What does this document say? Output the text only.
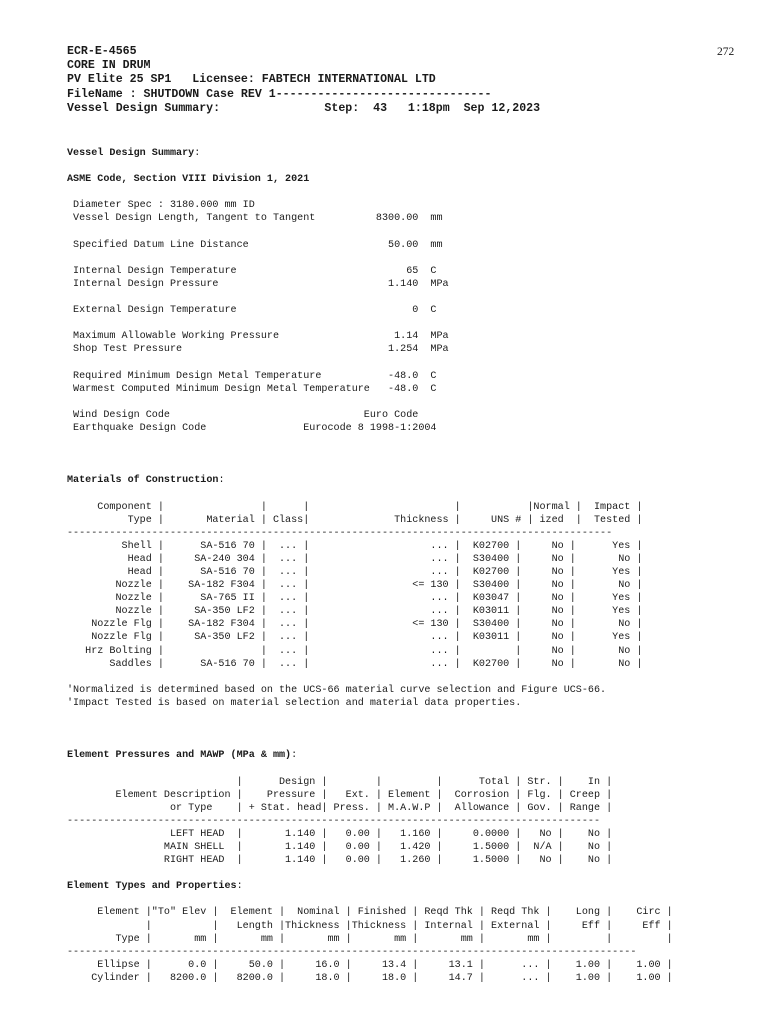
272
ECR-E-4565
CORE IN DRUM
PV Elite 25 SP1   Licensee: FABTECH INTERNATIONAL LTD
FileName : SHUTDOWN Case REV 1-------------------------------
Vessel Design Summary:               Step:  43   1:18pm  Sep 12,2023
Vessel Design Summary:
ASME Code, Section VIII Division 1, 2021
Diameter Spec : 3180.000 mm ID
Vessel Design Length, Tangent to Tangent          8300.00  mm
Specified Datum Line Distance                       50.00  mm
Internal Design Temperature                            65  C
Internal Design Pressure                            1.140  MPa
External Design Temperature                             0  C
Maximum Allowable Working Pressure                   1.14  MPa
Shop Test Pressure                                  1.254  MPa
Required Minimum Design Metal Temperature           -48.0  C
Warmest Computed Minimum Design Metal Temperature   -48.0  C
Wind Design Code                                Euro Code
Earthquake Design Code                Eurocode 8 1998-1:2004
Materials of Construction:
Component |                |      |                        |           |Normal |  Impact |
Type |       Material | Class|              Thickness |     UNS # | ized  |  Tested |
------------------------------------------------------------------------------------------
Shell |      SA-516 70 |  ... |                    ... |  K02700 |     No |      Yes |
Head |     SA-240 304 |  ... |                    ... |  S30400 |     No |       No |
Head |      SA-516 70 |  ... |                    ... |  K02700 |     No |      Yes |
Nozzle |    SA-182 F304 |  ... |                 <= 130 |  S30400 |     No |       No |
Nozzle |      SA-765 II |  ... |                    ... |  K03047 |     No |      Yes |
Nozzle |     SA-350 LF2 |  ... |                    ... |  K03011 |     No |      Yes |
Nozzle Flg |    SA-182 F304 |  ... |                 <= 130 |  S30400 |     No |       No |
Nozzle Flg |     SA-350 LF2 |  ... |                    ... |  K03011 |     No |      Yes |
Hrz Bolting |                |  ... |                    ... |         |     No |       No |
Saddles |      SA-516 70 |  ... |                    ... |  K02700 |     No |       No |
'Normalized is determined based on the UCS-66 material curve selection and Figure UCS-66.
'Impact Tested is based on material selection and material data properties.
Element Pressures and MAWP (MPa & mm):
|      Design |        |         |      Total | Str. |    In |
Element Description |    Pressure |   Ext. | Element |  Corrosion | Flg. | Creep |
or Type    | + Stat. head| Press. | M.A.W.P |  Allowance | Gov. | Range |
----------------------------------------------------------------------------------------
LEFT HEAD  |       1.140 |   0.00 |   1.160 |     0.0000 |   No |    No |
MAIN SHELL  |       1.140 |   0.00 |   1.420 |     1.5000 |  N/A |    No |
RIGHT HEAD  |       1.140 |   0.00 |   1.260 |     1.5000 |   No |    No |
Element Types and Properties:
Element |"To" Elev |  Element |  Nominal | Finished | Reqd Thk | Reqd Thk |    Long |    Circ |
|          |   Length |Thickness |Thickness | Internal | External |     Eff |     Eff |
Type |       mm |       mm |       mm |       mm |       mm |       mm |         |         |
----------------------------------------------------------------------------------------------
Ellipse |      0.0 |     50.0 |     16.0 |     13.4 |     13.1 |      ... |    1.00 |    1.00 |
Cylinder |   8200.0 |   8200.0 |     18.0 |     18.0 |     14.7 |      ... |    1.00 |    1.00 |
